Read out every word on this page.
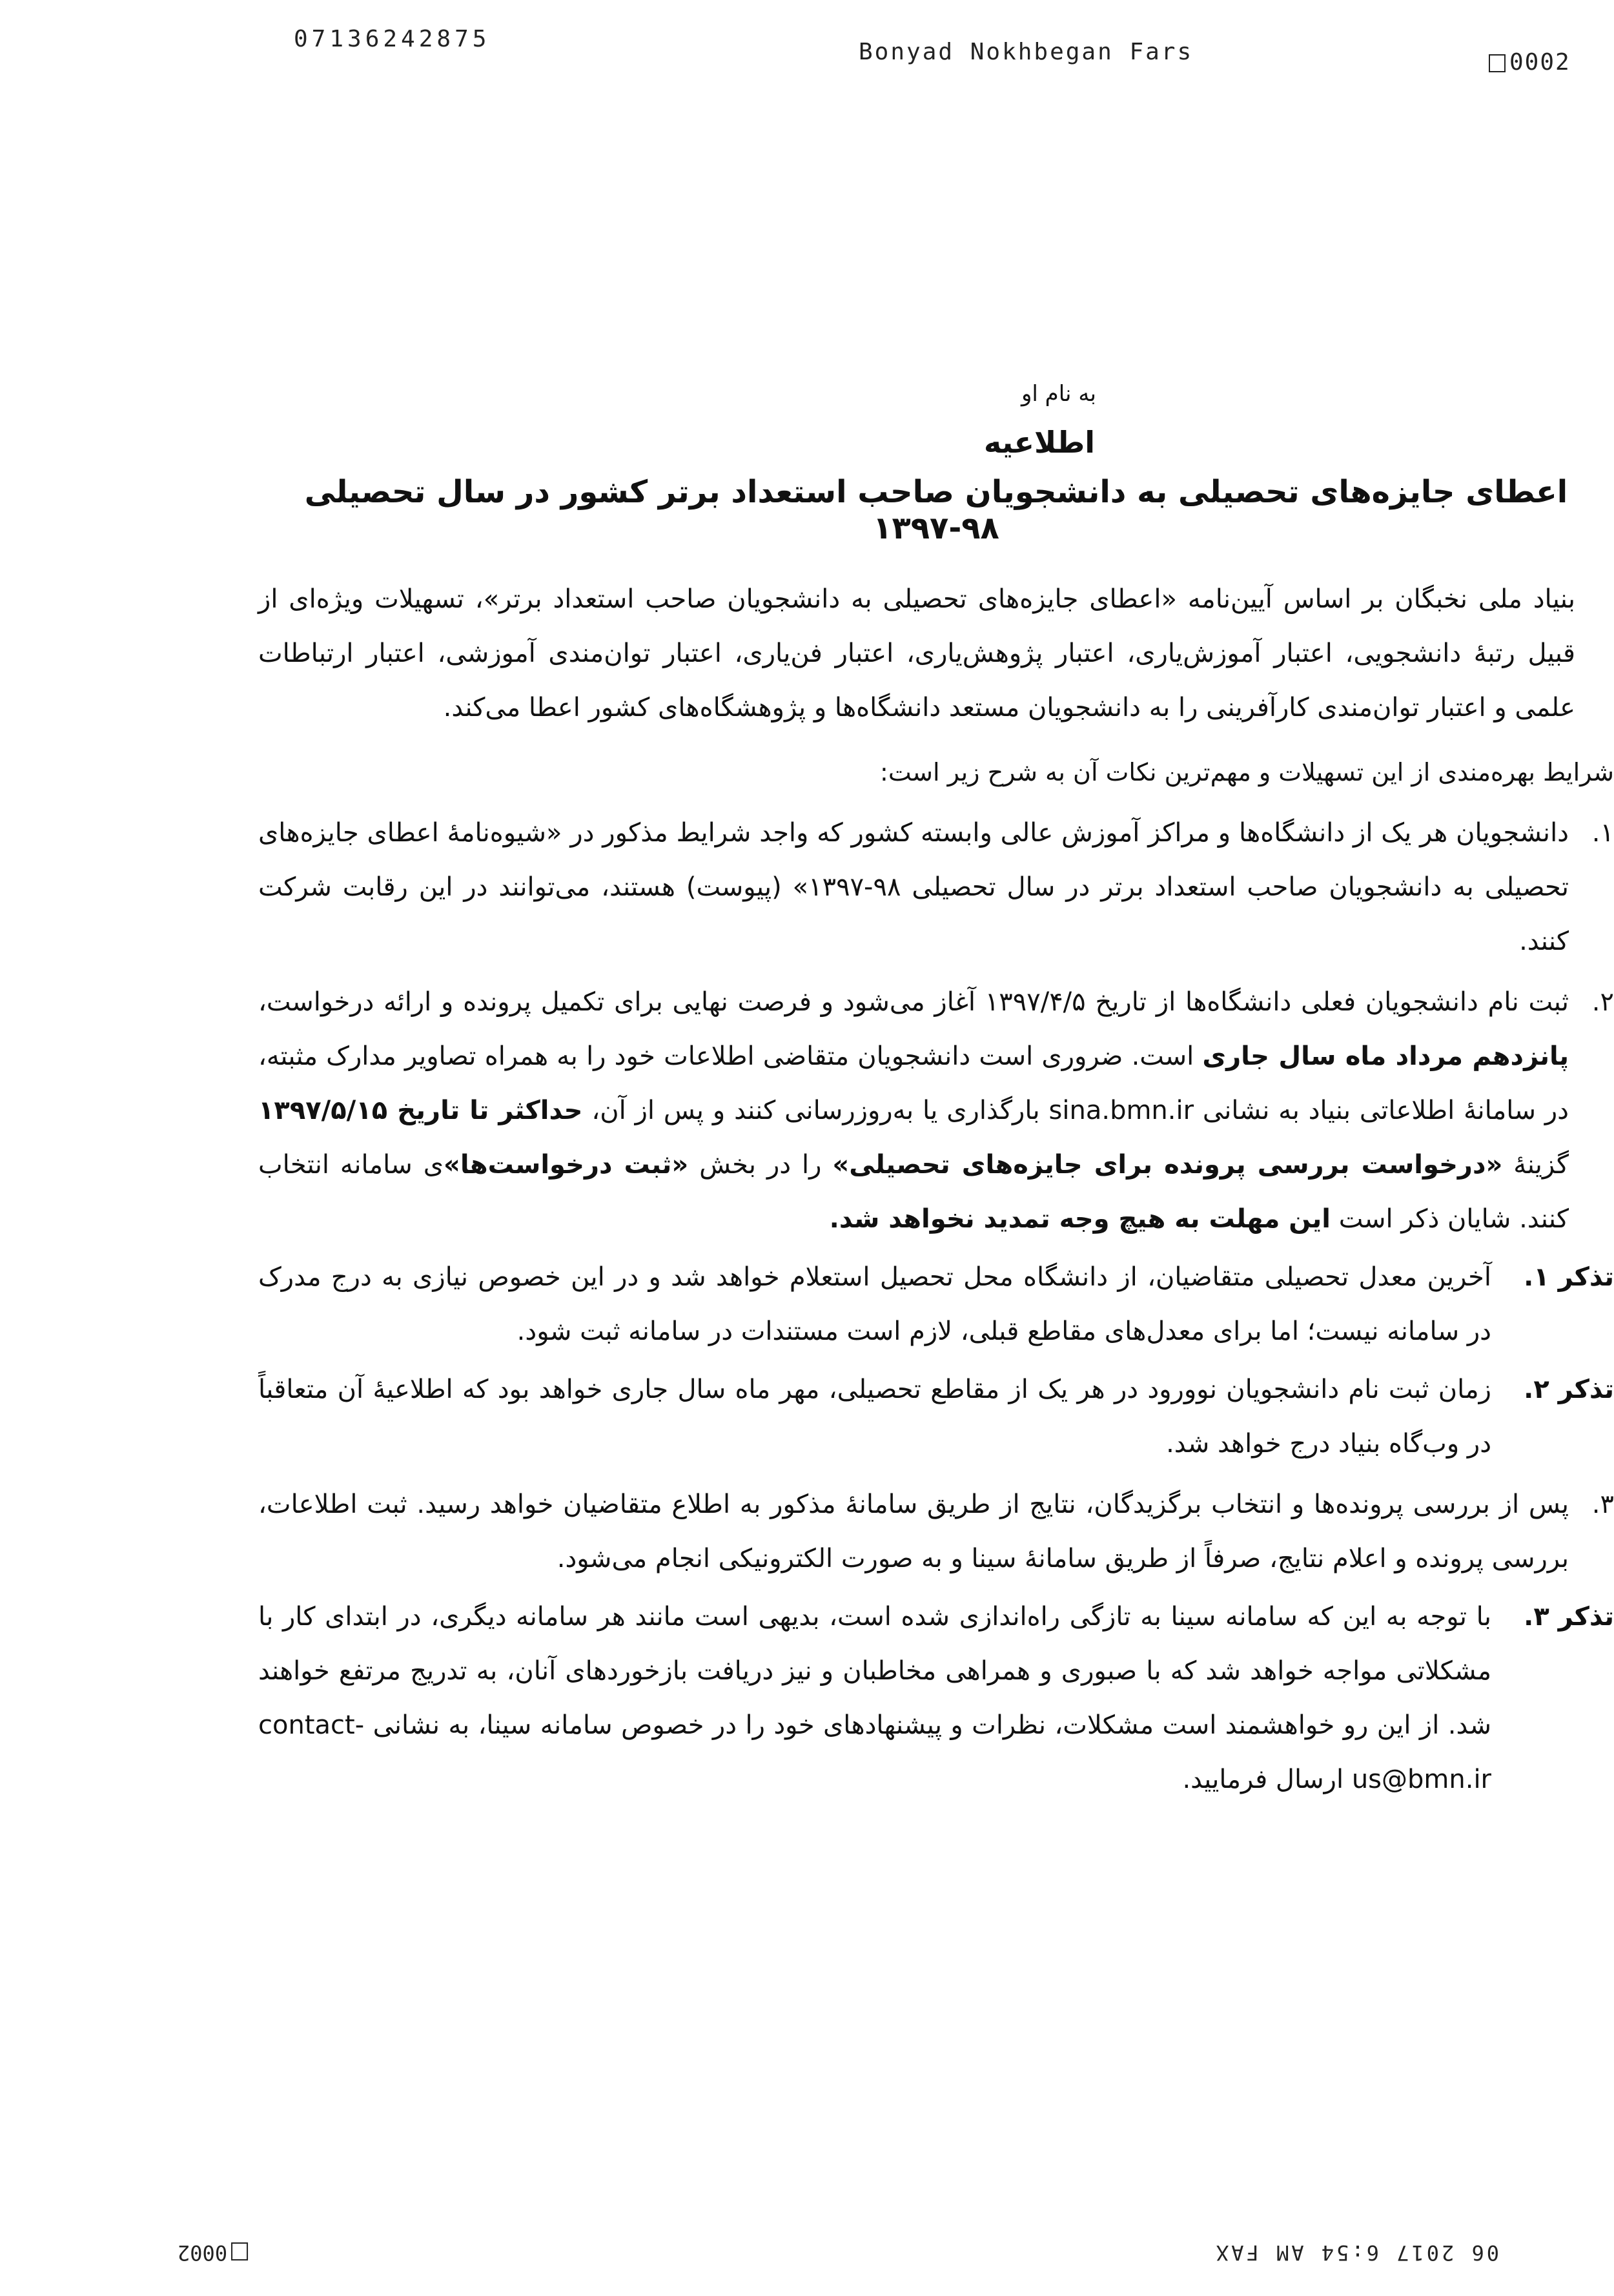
07136242875	Bonyad Nokhbegan Fars	0002
به نام او
اطلاعیه
اعطای جایزه‌های تحصیلی به دانشجویان صاحب استعداد برتر کشور در سال تحصیلی ۹۸-۱۳۹۷

بنیاد ملی نخبگان بر اساس آیین‌نامه «اعطای جایزه‌های تحصیلی به دانشجویان صاحب استعداد برتر»، تسهیلات ویژه‌ای از قبیل رتبهٔ دانشجویی، اعتبار آموزش‌یاری، اعتبار پژوهش‌یاری، اعتبار فن‌یاری، اعتبار توان‌مندی آموزشی، اعتبار ارتباطات علمی و اعتبار توان‌مندی کارآفرینی را به دانشجویان مستعد دانشگاه‌ها و پژوهشگاه‌های کشور اعطا می‌کند.

شرایط بهره‌مندی از این تسهیلات و مهم‌ترین نکات آن به شرح زیر است:

۱.
دانشجویان هر یک از دانشگاه‌ها و مراکز آموزش عالی وابسته کشور که واجد شرایط مذکور در «شیوه‌نامهٔ اعطای جایزه‌های تحصیلی به دانشجویان صاحب استعداد برتر در سال تحصیلی ۹۸-۱۳۹۷» (پیوست) هستند، می‌توانند در این رقابت شرکت کنند.
۲.
ثبت نام دانشجویان فعلی دانشگاه‌ها از تاریخ ۱۳۹۷/۴/۵ آغاز می‌شود و فرصت نهایی برای تکمیل پرونده و ارائه درخواست، پانزدهم مرداد ماه سال جاری است. ضروری است دانشجویان متقاضی اطلاعات خود را به همراه تصاویر مدارک مثبته، در سامانهٔ اطلاعاتی بنیاد به نشانی sina.bmn.ir بارگذاری یا به‌روزرسانی کنند و پس از آن، حداکثر تا تاریخ ۱۳۹۷/۵/۱۵ گزینهٔ «درخواست بررسی پرونده برای جایزه‌های تحصیلی» را در بخش «ثبت درخواست‌ها»ی سامانه انتخاب کنند. شایان ذکر است این مهلت به هیچ وجه تمدید نخواهد شد.
تذکر ۱.
آخرین معدل تحصیلی متقاضیان، از دانشگاه محل تحصیل استعلام خواهد شد و در این خصوص نیازی به درج مدرک در سامانه نیست؛ اما برای معدل‌های مقاطع قبلی، لازم است مستندات در سامانه ثبت شود.
تذکر ۲.
زمان ثبت نام دانشجویان نوورود در هر یک از مقاطع تحصیلی، مهر ماه سال جاری خواهد بود که اطلاعیهٔ آن متعاقباً در وب‌گاه بنیاد درج خواهد شد.
۳.
پس از بررسی پرونده‌ها و انتخاب برگزیدگان، نتایج از طریق سامانهٔ مذکور به اطلاع متقاضیان خواهد رسید. ثبت اطلاعات، بررسی پرونده و اعلام نتایج، صرفاً از طریق سامانهٔ سینا و به صورت الکترونیکی انجام می‌شود.
تذکر ۳.
با توجه به این که سامانه سینا به تازگی راه‌اندازی شده است، بدیهی است مانند هر سامانه دیگری، در ابتدای کار با مشکلاتی مواجه خواهد شد که با صبوری و همراهی مخاطبان و نیز دریافت بازخوردهای آنان، به تدریج مرتفع خواهند شد. از این رو خواهشمند است مشکلات، نظرات و پیشنهادهای خود را در خصوص سامانه سینا، به نشانی contact-us@bmn.ir ارسال فرمایید.
0002	06 2017 6:54 AM FAX
